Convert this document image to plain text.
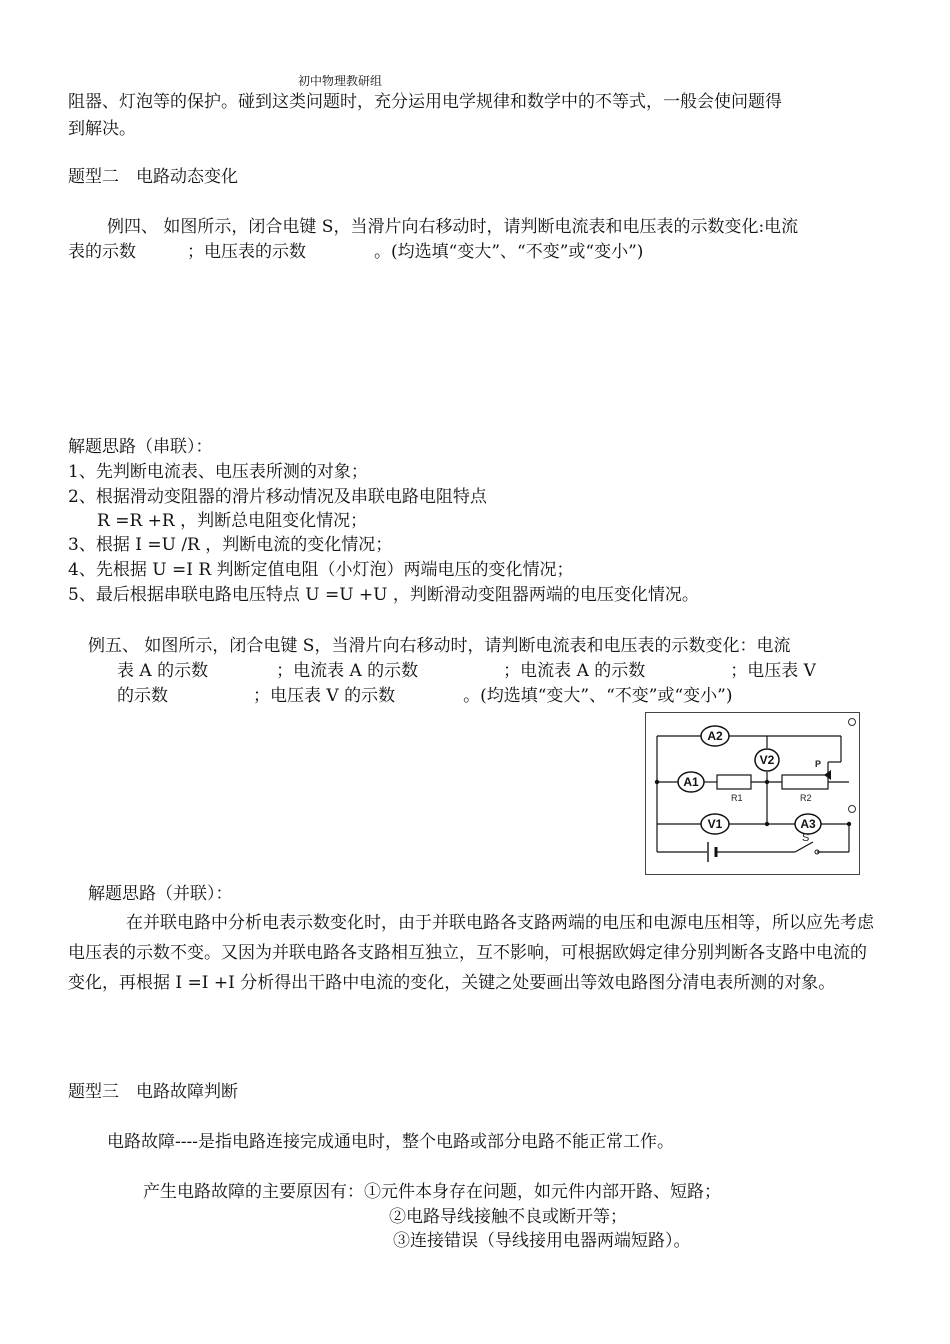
初中物理教研组
阻器、灯泡等的保护。碰到这类问题时，充分运用电学规律和数学中的不等式，一般会使问题得
到解决。
题型二　电路动态变化
例四、 如图所示，闭合电键 S，当滑片向右移动时，请判断电流表和电压表的示数变化:电流
表的示数　　　；电压表的示数　　　　。(均选填“变大”、“不变”或“变小”)
解题思路（串联）：
1、先判断电流表、电压表所测的对象；
2、根据滑动变阻器的滑片移动情况及串联电路电阻特点
R =R +R ，判断总电阻变化情况；
3、根据 I =U /R ，判断电流的变化情况；
4、先根据 U =I R 判断定值电阻（小灯泡）两端电压的变化情况；
5、最后根据串联电路电压特点 U =U +U ，判断滑动变阻器两端的电压变化情况。
例五、 如图所示，闭合电键 S，当滑片向右移动时，请判断电流表和电压表的示数变化：电流
表 A 的示数　　　　；电流表 A 的示数　　　　　；电流表 A 的示数　　　　　；电压表 V
的示数　　　　　；电压表 V 的示数　　　　。(均选填“变大”、“不变”或“变小”)
A2
V2
A1
V1	A3
R1	R2
P
S
解题思路（并联）：
在并联电路中分析电表示数变化时，由于并联电路各支路两端的电压和电源电压相等，所以应先考虑电压表的示数不变。又因为并联电路各支路相互独立，互不影响，可根据欧姆定律分别判断各支路中电流的变化，再根据 I =I +I 分析得出干路中电流的变化，关键之处要画出等效电路图分清电表所测的对象。
题型三　电路故障判断
电路故障----是指电路连接完成通电时，整个电路或部分电路不能正常工作。
产生电路故障的主要原因有：①元件本身存在问题，如元件内部开路、短路；
②电路导线接触不良或断开等；
③连接错误（导线接用电器两端短路）。
